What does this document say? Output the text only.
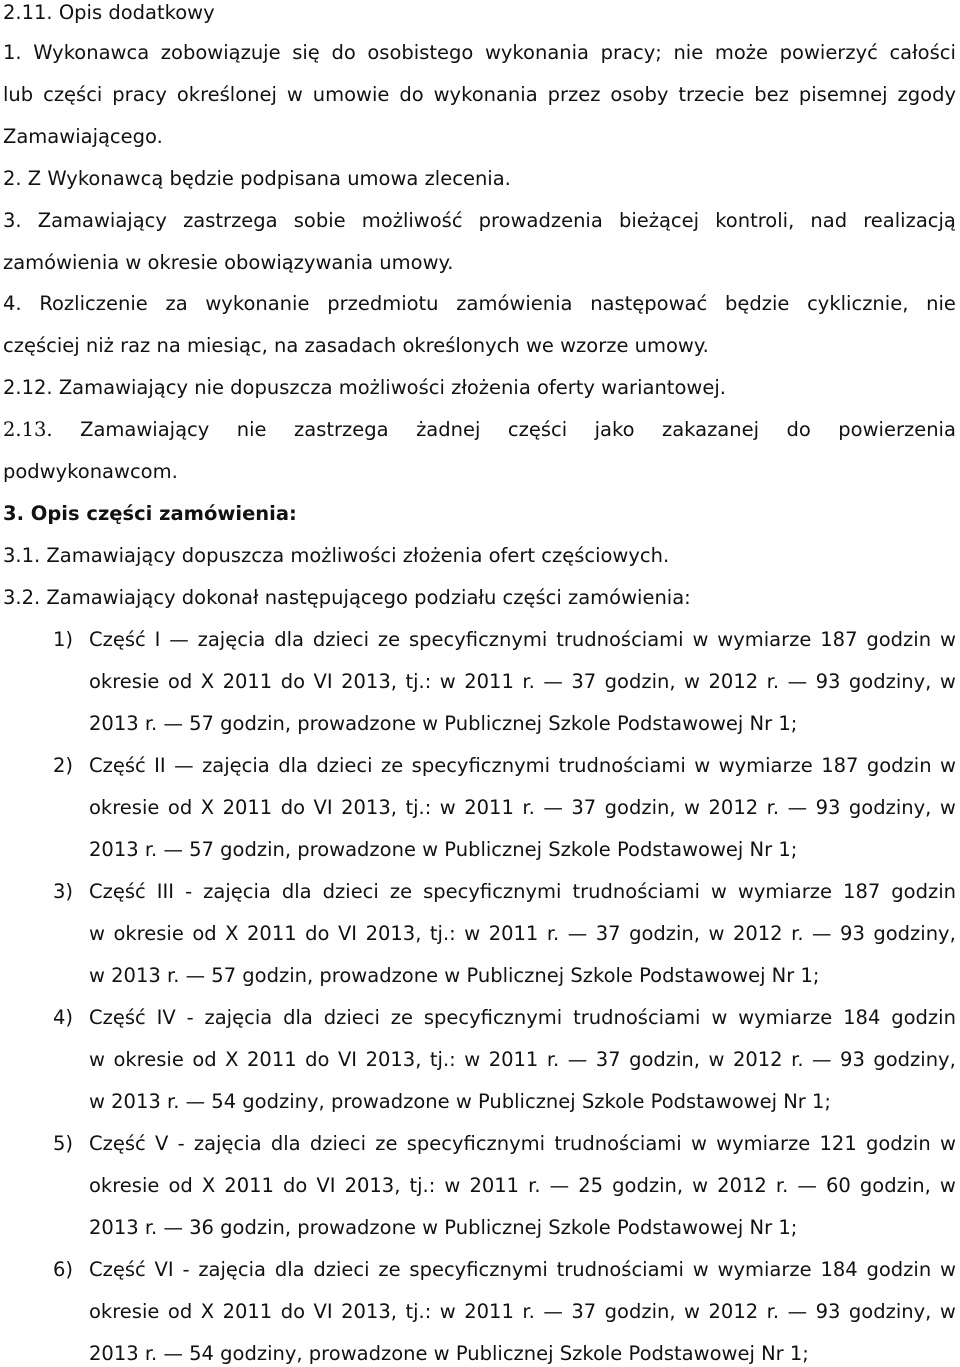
2.11. Opis dodatkowy
1. Wykonawca zobowiązuje się do osobistego wykonania pracy; nie może powierzyć całości
lub części pracy określonej w umowie do wykonania przez osoby trzecie bez pisemnej zgody
Zamawiającego.
2. Z Wykonawcą będzie podpisana umowa zlecenia.
3. Zamawiający zastrzega sobie możliwość prowadzenia bieżącej kontroli, nad realizacją
zamówienia w okresie obowiązywania umowy.
4. Rozliczenie za wykonanie przedmiotu zamówienia następować będzie cyklicznie, nie
częściej niż raz na miesiąc, na zasadach określonych we wzorze umowy.
2.12. Zamawiający nie dopuszcza możliwości złożenia oferty wariantowej.
2.13. Zamawiający nie zastrzega żadnej części jako zakazanej do powierzenia
podwykonawcom.
3. Opis części zamówienia:
3.1. Zamawiający dopuszcza możliwości złożenia ofert częściowych.
3.2. Zamawiający dokonał następującego podziału części zamówienia:
1) Część I — zajęcia dla dzieci ze specyficznymi trudnościami w wymiarze 187 godzin w
okresie od X 2011 do VI 2013, tj.: w 2011 r. — 37 godzin, w 2012 r. — 93 godziny, w
2013 r. — 57 godzin, prowadzone w Publicznej Szkole Podstawowej Nr 1;
2) Część II — zajęcia dla dzieci ze specyficznymi trudnościami w wymiarze 187 godzin w
okresie od X 2011 do VI 2013, tj.: w 2011 r. — 37 godzin, w 2012 r. — 93 godziny, w
2013 r. — 57 godzin, prowadzone w Publicznej Szkole Podstawowej Nr 1;
3) Część III - zajęcia dla dzieci ze specyficznymi trudnościami w wymiarze 187 godzin
w okresie od X 2011 do VI 2013, tj.: w 2011 r. — 37 godzin, w 2012 r. — 93 godziny,
w 2013 r. — 57 godzin, prowadzone w Publicznej Szkole Podstawowej Nr 1;
4) Część IV - zajęcia dla dzieci ze specyficznymi trudnościami w wymiarze 184 godzin
w okresie od X 2011 do VI 2013, tj.: w 2011 r. — 37 godzin, w 2012 r. — 93 godziny,
w 2013 r. — 54 godziny, prowadzone w Publicznej Szkole Podstawowej Nr 1;
5) Część V - zajęcia dla dzieci ze specyficznymi trudnościami w wymiarze 121 godzin w
okresie od X 2011 do VI 2013, tj.: w 2011 r. — 25 godzin, w 2012 r. — 60 godzin, w
2013 r. — 36 godzin, prowadzone w Publicznej Szkole Podstawowej Nr 1;
6) Część VI - zajęcia dla dzieci ze specyficznymi trudnościami w wymiarze 184 godzin w
okresie od X 2011 do VI 2013, tj.: w 2011 r. — 37 godzin, w 2012 r. — 93 godziny, w
2013 r. — 54 godziny, prowadzone w Publicznej Szkole Podstawowej Nr 1;
